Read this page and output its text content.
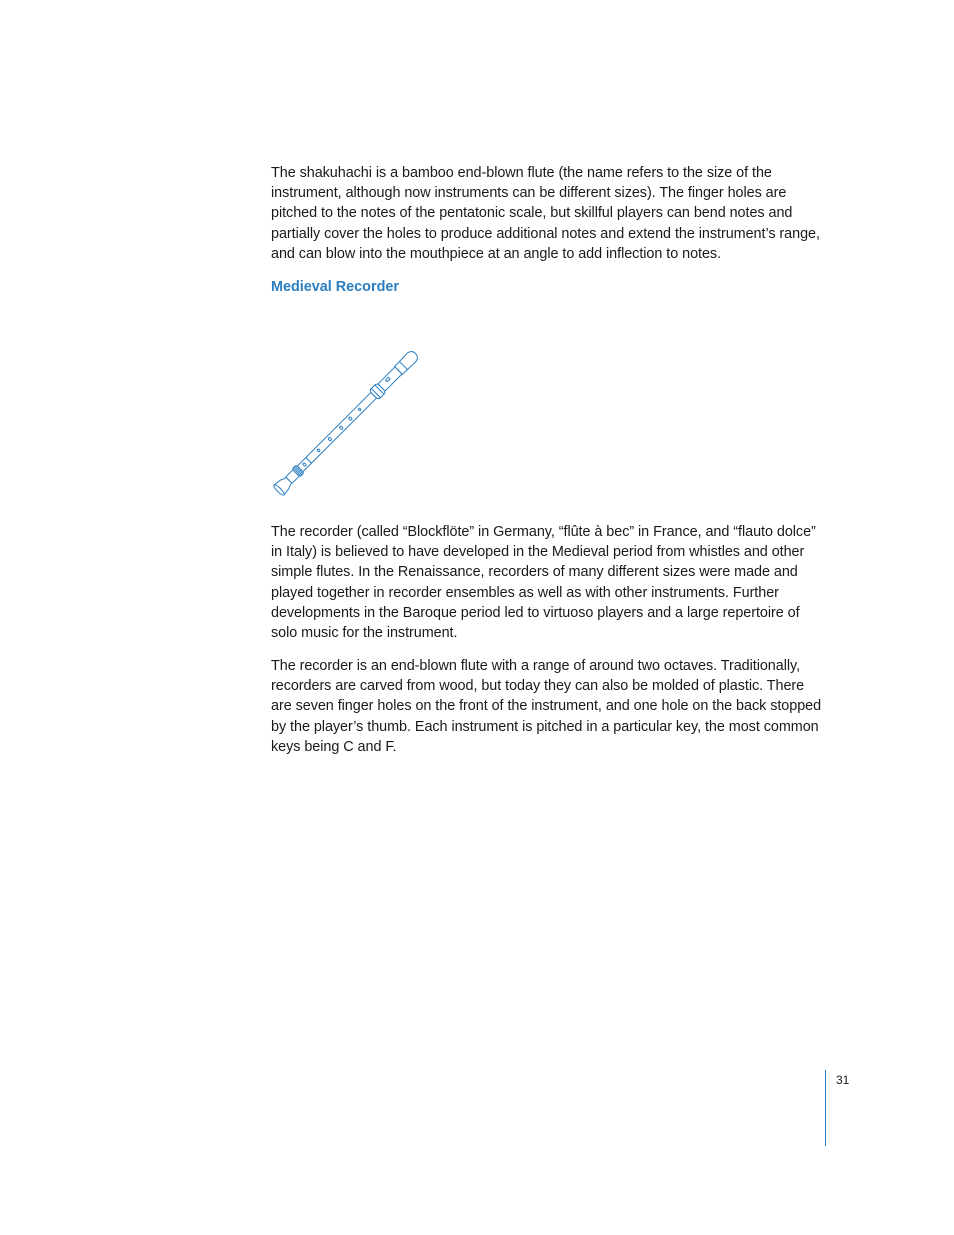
The shakuhachi is a bamboo end-blown flute (the name refers to the size of the instrument, although now instruments can be different sizes). The finger holes are pitched to the notes of the pentatonic scale, but skillful players can bend notes and partially cover the holes to produce additional notes and extend the instrument’s range, and can blow into the mouthpiece at an angle to add inflection to notes.

Medieval Recorder

The recorder (called “Blockflöte” in Germany, “flûte à bec” in France, and “flauto dolce” in Italy) is believed to have developed in the Medieval period from whistles and other simple flutes. In the Renaissance, recorders of many different sizes were made and played together in recorder ensembles as well as with other instruments. Further developments in the Baroque period led to virtuoso players and a large repertoire of solo music for the instrument.

The recorder is an end-blown flute with a range of around two octaves. Traditionally, recorders are carved from wood, but today they can also be molded of plastic. There are seven finger holes on the front of the instrument, and one hole on the back stopped by the player’s thumb. Each instrument is pitched in a particular key, the most common keys being C and F.

31
